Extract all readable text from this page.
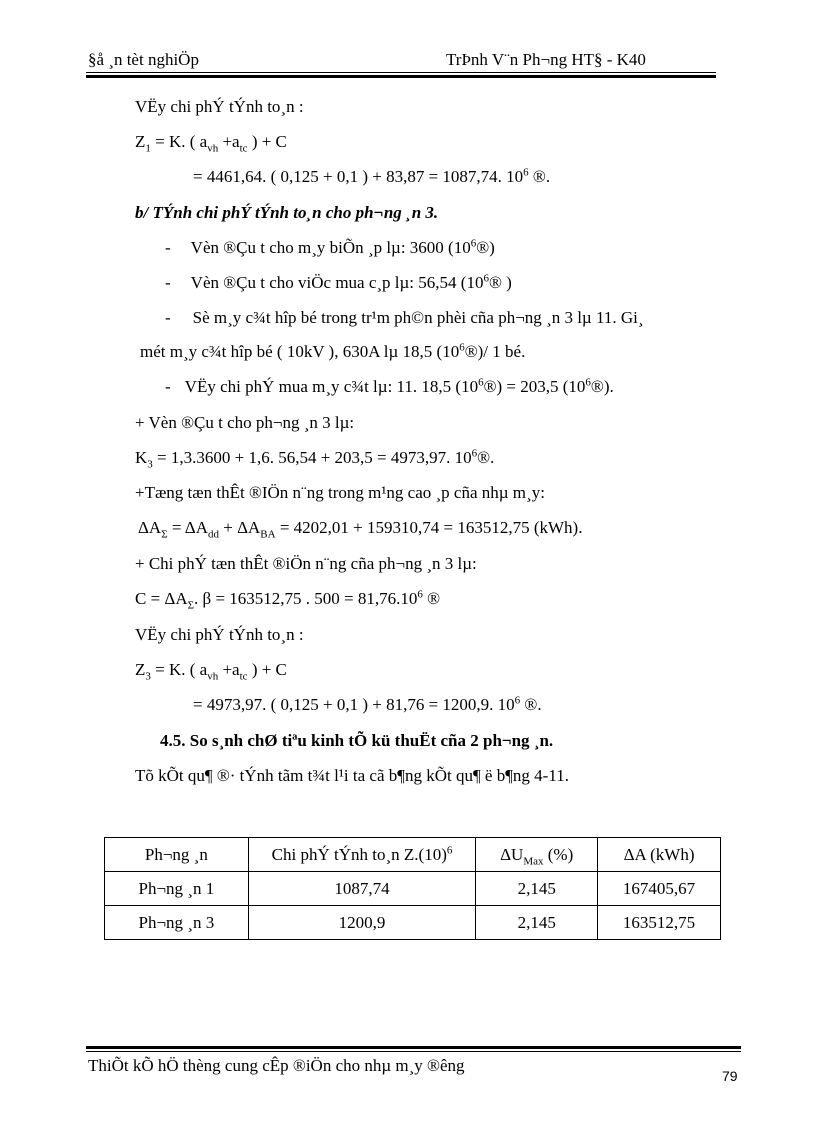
§å ¸n tèt nghiÖp	TrÞnh V¨n Ph¬ng HT§ - K40
VËy chi phÝ tÝnh to¸n :
$Z_1 = K$. ( $a_{vh} +a_{tc}$ ) + C
= 4461,64. ( 0,125 + 0,1 ) + 83,87 = 1087,74. $10^6$ ®.
b/ TÝnh chi phÝ tÝnh to¸n cho ph¬ng ¸n 3.
- Vèn ®Çu t cho m¸y biÕn ¸p lµ: 3600 $(10^6®)$
- Vèn ®Çu t cho viÖc mua c¸p lµ: 56,54 ($10^6®$ )
- Sè m¸y c¾t hîp bé trong tr¹m ph©n phèi cña ph¬ng ¸n 3 lµ 11. Gi¸
mét m¸y c¾t hîp bé ( 10kV ), 630A lµ 18,5 $(10^6®)/$ 1 bé.
- VËy chi phÝ mua m¸y c¾t lµ: 11. 18,5 $(10^6®) = 203,5$ $(10^6®)$.
+ Vèn ®Çu t cho ph¬ng ¸n 3 lµ:
$K_3 = 1,3.3600 + 1,6$. 56,54 + 203,5 = 4973,97. $10^6®$.
+Tæng tæn thÊt ®IÖn n¨ng trong m¹ng cao ¸p cña nhµ m¸y:
$\Delta A_\Sigma = \Delta A_{dd} + \Delta A_{BA} = 4202,01 + 159310,74 = 163512,75$ (kWh).
+ Chi phÝ tæn thÊt ®iÖn n¨ng cña ph¬ng ¸n 3 lµ:
$C = \Delta A_\Sigma$. β = 163512,75 . $500 = 81,76.10^6$ ®
VËy chi phÝ tÝnh to¸n :
$Z_3 = K$. ( $a_{vh} +a_{tc}$ ) + C
= 4973,97. ( 0,125 + 0,1 ) + 81,76 = 1200,9. $10^6$ ®.
4.5. So s¸nh chØ tiªu kinh tÕ kü thuËt cña 2 ph¬ng ¸n.
Tõ kÕt qu¶ ®· tÝnh tãm t¾t l¹i ta cã b¶ng kÕt qu¶ ë b¶ng 4-11.
Ph¬ng ¸n	Chi phÝ tÝnh to¸n $Z.(10)^6$	$\Delta U_{Max}$ (%)	ΔA (kWh)
Ph¬ng ¸n 1	1087,74	2,145	167405,67
Ph¬ng ¸n 3	1200,9	2,145	163512,75
ThiÕt kÕ hÖ thèng cung cÊp ®iÖn cho nhµ m¸y ®êng
79
